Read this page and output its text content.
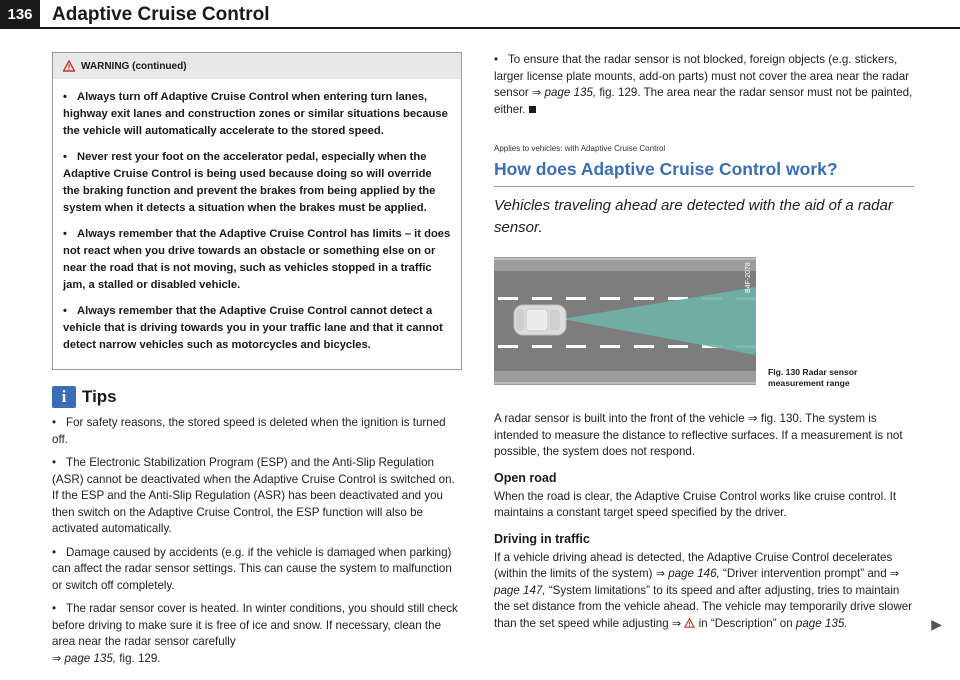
136	Adaptive Cruise Control
WARNING (continued)
• Always turn off Adaptive Cruise Control when entering turn lanes, highway exit lanes and construction zones or similar situations because the vehicle will automatically accelerate to the stored speed.
• Never rest your foot on the accelerator pedal, especially when the Adaptive Cruise Control is being used because doing so will override the braking function and prevent the brakes from being applied by the system when it detects a situation when the brakes must be applied.
• Always remember that the Adaptive Cruise Control has limits – it does not react when you drive towards an obstacle or something else on or near the road that is not moving, such as vehicles stopped in a traffic jam, a stalled or disabled vehicle.
• Always remember that the Adaptive Cruise Control cannot detect a vehicle that is driving towards you in your traffic lane and that it cannot detect narrow vehicles such as motorcycles and bicycles.
i Tips
• For safety reasons, the stored speed is deleted when the ignition is turned off.
• The Electronic Stabilization Program (ESP) and the Anti-Slip Regulation (ASR) cannot be deactivated when the Adaptive Cruise Control is switched on. If the ESP and the Anti-Slip Regulation (ASR) has been deactivated and you then switch on the Adaptive Cruise Control, the ESP function will also be activated automatically.
• Damage caused by accidents (e.g. if the vehicle is damaged when parking) can affect the radar sensor settings. This can cause the system to malfunction or switch off completely.
• The radar sensor cover is heated. In winter conditions, you should still check before driving to make sure it is free of ice and snow. If necessary, clean the area near the radar sensor carefully
⇒ page 135, fig. 129.
• To ensure that the radar sensor is not blocked, foreign objects (e.g. stickers, larger license plate mounts, add-on parts) must not cover the area near the radar sensor ⇒ page 135, fig. 129. The area near the radar sensor must not be painted, either.
Applies to vehicles: with Adaptive Cruise Control
How does Adaptive Cruise Control work?
Vehicles traveling ahead are detected with the aid of a radar sensor.
B4F-2078
Fig. 130 Radar sensor
measurement range
A radar sensor is built into the front of the vehicle ⇒ fig. 130. The system is intended to measure the distance to reflective surfaces. If a measurement is not possible, the system does not respond.
Open road
When the road is clear, the Adaptive Cruise Control works like cruise control. It maintains a constant target speed specified by the driver.
Driving in traffic
If a vehicle driving ahead is detected, the Adaptive Cruise Control decelerates (within the limits of the system) ⇒ page 146, “Driver intervention prompt” and ⇒ page 147, “System limitations” to its speed and after adjusting, tries to maintain the set distance from the vehicle ahead. The vehicle may temporarily drive slower than the set speed while adjusting ⇒ in “Description” on page 135.	▶
